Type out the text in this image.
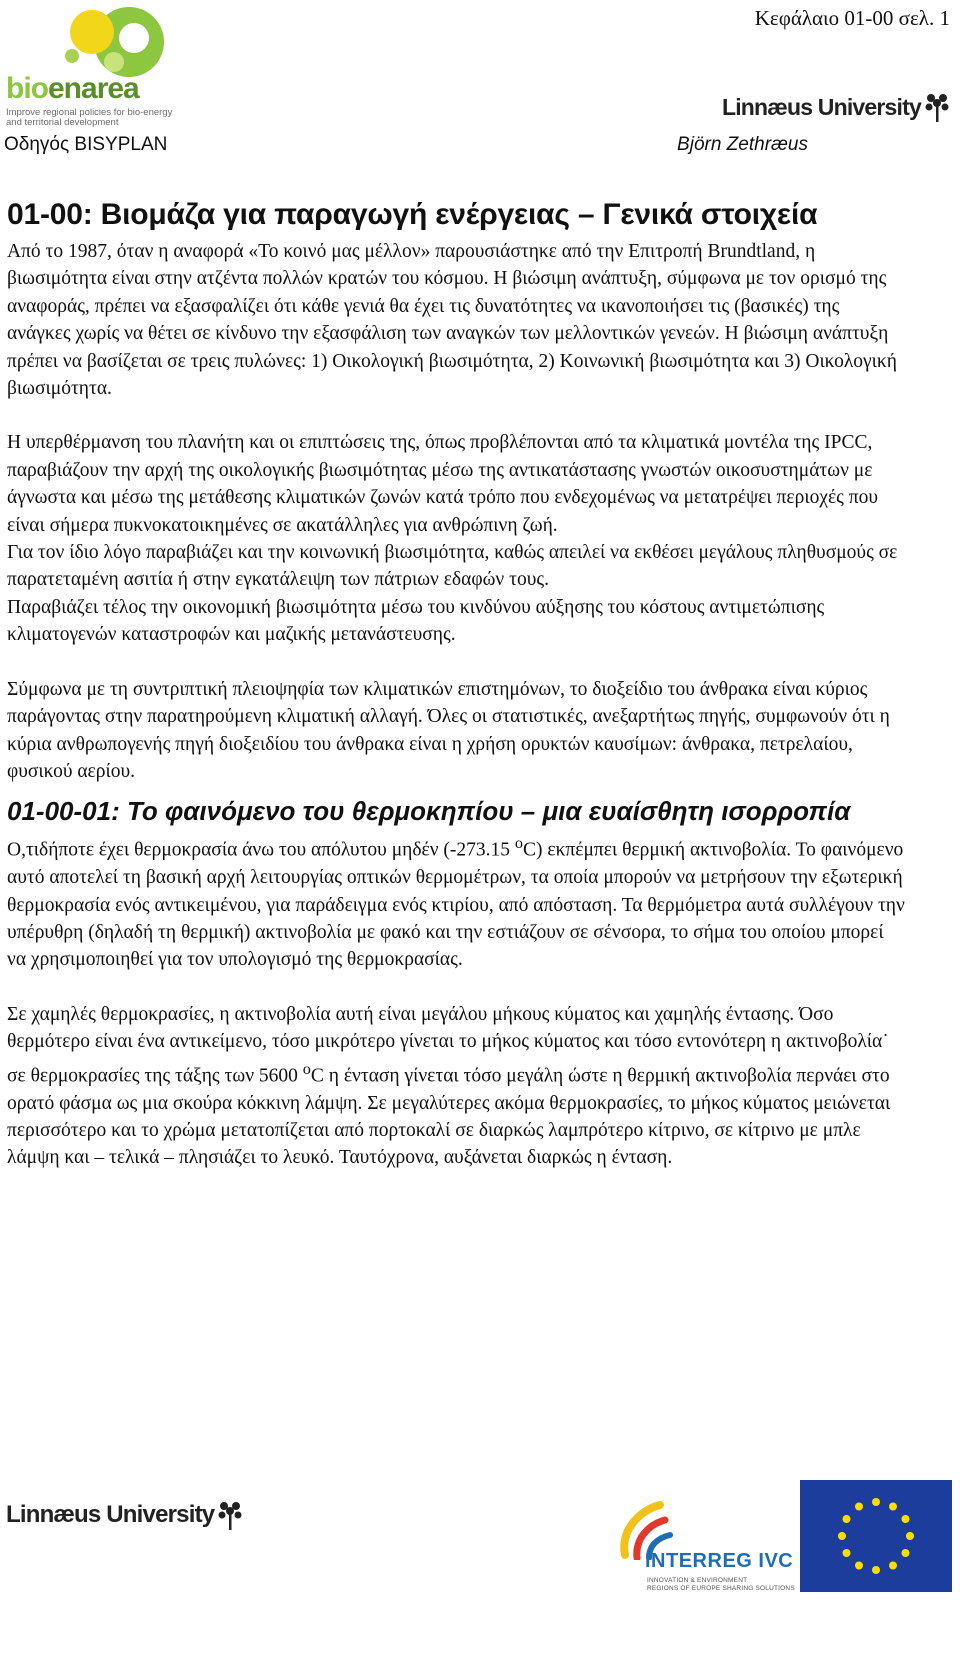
bioenarea
Improve regional policies for bio-energy
and territorial development
Οδηγός BISYPLAN
Κεφάλαιο 01-00 σελ. 1
Linnæus University
Björn Zethræus
01-00: Βιομάζα για παραγωγή ενέργειας – Γενικά στοιχεία

Από το 1987, όταν η αναφορά «Το κοινό μας μέλλον» παρουσιάστηκε από την Επιτροπή Brundtland, η βιωσιμότητα είναι στην ατζέντα πολλών κρατών του κόσμου. Η βιώσιμη ανάπτυξη, σύμφωνα με τον ορισμό της αναφοράς, πρέπει να εξασφαλίζει ότι κάθε γενιά θα έχει τις δυνατότητες να ικανοποιήσει τις (βασικές) της ανάγκες χωρίς να θέτει σε κίνδυνο την εξασφάλιση των αναγκών των μελλοντικών γενεών. Η βιώσιμη ανάπτυξη πρέπει να βασίζεται σε τρεις πυλώνες: 1) Οικολογική βιωσιμότητα, 2) Κοινωνική βιωσιμότητα και 3) Οικολογική βιωσιμότητα.

Η υπερθέρμανση του πλανήτη και οι επιπτώσεις της, όπως προβλέπονται από τα κλιματικά μοντέλα της IPCC, παραβιάζουν την αρχή της οικολογικής βιωσιμότητας μέσω της αντικατάστασης γνωστών οικοσυστημάτων με άγνωστα και μέσω της μετάθεσης κλιματικών ζωνών κατά τρόπο που ενδεχομένως να μετατρέψει περιοχές που είναι σήμερα πυκνοκατοικημένες σε ακατάλληλες για ανθρώπινη ζωή.

Για τον ίδιο λόγο παραβιάζει και την κοινωνική βιωσιμότητα, καθώς απειλεί να εκθέσει μεγάλους πληθυσμούς σε παρατεταμένη ασιτία ή στην εγκατάλειψη των πάτριων εδαφών τους.

Παραβιάζει τέλος την οικονομική βιωσιμότητα μέσω του κινδύνου αύξησης του κόστους αντιμετώπισης κλιματογενών καταστροφών και μαζικής μετανάστευσης.

Σύμφωνα με τη συντριπτική πλειοψηφία των κλιματικών επιστημόνων, το διοξείδιο του άνθρακα είναι κύριος παράγοντας στην παρατηρούμενη κλιματική αλλαγή. Όλες οι στατιστικές, ανεξαρτήτως πηγής, συμφωνούν ότι η κύρια ανθρωπογενής πηγή διοξειδίου του άνθρακα είναι η χρήση ορυκτών καυσίμων: άνθρακα, πετρελαίου, φυσικού αερίου.

01-00-01: Το φαινόμενο του θερμοκηπίου – μια ευαίσθητη ισορροπία

Ο,τιδήποτε έχει θερμοκρασία άνω του απόλυτου μηδέν (-273.15 $^o$C) εκπέμπει θερμική ακτινοβολία. Το φαινόμενο αυτό αποτελεί τη βασική αρχή λειτουργίας οπτικών θερμομέτρων, τα οποία μπορούν να μετρήσουν την εξωτερική θερμοκρασία ενός αντικειμένου, για παράδειγμα ενός κτιρίου, από απόσταση. Τα θερμόμετρα αυτά συλλέγουν την υπέρυθρη (δηλαδή τη θερμική) ακτινοβολία με φακό και την εστιάζουν σε σένσορα, το σήμα του οποίου μπορεί να χρησιμοποιηθεί για τον υπολογισμό της θερμοκρασίας.

Σε χαμηλές θερμοκρασίες, η ακτινοβολία αυτή είναι μεγάλου μήκους κύματος και χαμηλής έντασης. Όσο θερμότερο είναι ένα αντικείμενο, τόσο μικρότερο γίνεται το μήκος κύματος και τόσο εντονότερη η ακτινοβολία˙ σε θερμοκρασίες της τάξης των 5600 $^o$C η ένταση γίνεται τόσο μεγάλη ώστε η θερμική ακτινοβολία περνάει στο ορατό φάσμα ως μια σκούρα κόκκινη λάμψη. Σε μεγαλύτερες ακόμα θερμοκρασίες, το μήκος κύματος μειώνεται περισσότερο και το χρώμα μετατοπίζεται από πορτοκαλί σε διαρκώς λαμπρότερο κίτρινο, σε κίτρινο με μπλε λάμψη και – τελικά – πλησιάζει το λευκό. Ταυτόχρονα, αυξάνεται διαρκώς η ένταση.

Linnæus University
INTERREG IVC
INNOVATION & ENVIRONMENT
REGIONS OF EUROPE SHARING SOLUTIONS
